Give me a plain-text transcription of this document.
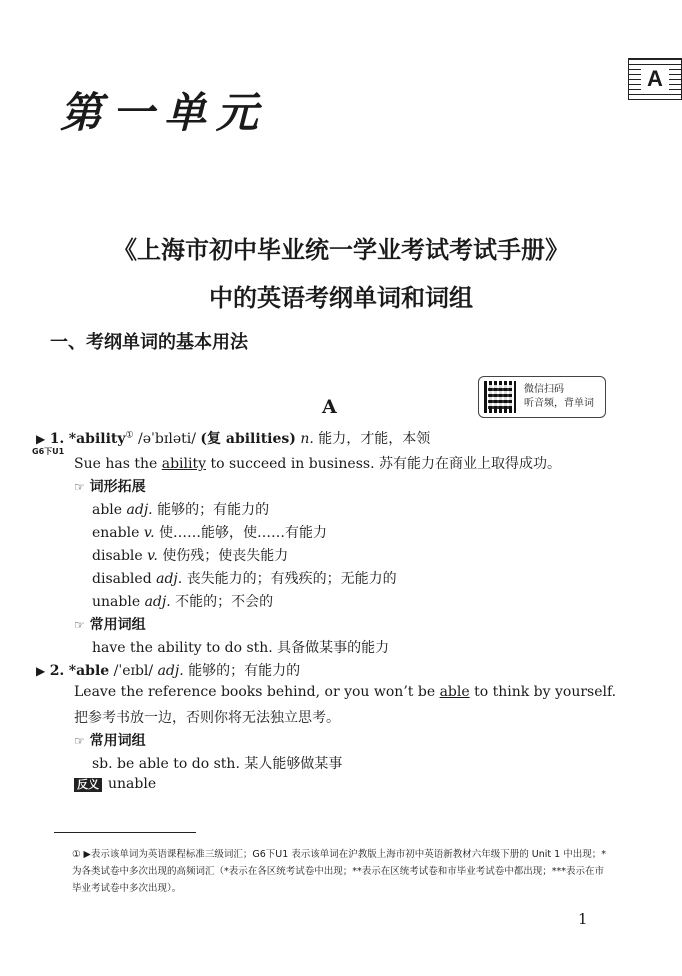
A
第一单元
《上海市初中毕业统一学业考试考试手册》
中的英语考纲单词和词组
一、考纲单词的基本用法
A
微信扫码
听音频，背单词
▶ 1. *ability① /əˈbɪləti/ (复 abilities) n. 能力，才能，本领
G6下U1
Sue has the ability to succeed in business. 苏有能力在商业上取得成功。
☞ 词形拓展
able adj. 能够的；有能力的
enable v. 使……能够，使……有能力
disable v. 使伤残；使丧失能力
disabled adj. 丧失能力的；有残疾的；无能力的
unable adj. 不能的；不会的
☞ 常用词组
have the ability to do sth. 具备做某事的能力
▶ 2. *able /ˈeɪbl/ adj. 能够的；有能力的
Leave the reference books behind, or you won’t be able to think by yourself.
把参考书放一边，否则你将无法独立思考。
☞ 常用词组
sb. be able to do sth. 某人能够做某事
反义 unable
① ▶表示该单词为英语课程标准三级词汇；G6下U1 表示该单词在沪教版上海市初中英语新教材六年级下册的 Unit 1 中出现；*为各类试卷中多次出现的高频词汇（*表示在各区统考试卷中出现；**表示在区统考试卷和市毕业考试卷中都出现；***表示在市毕业考试卷中多次出现）。
1
